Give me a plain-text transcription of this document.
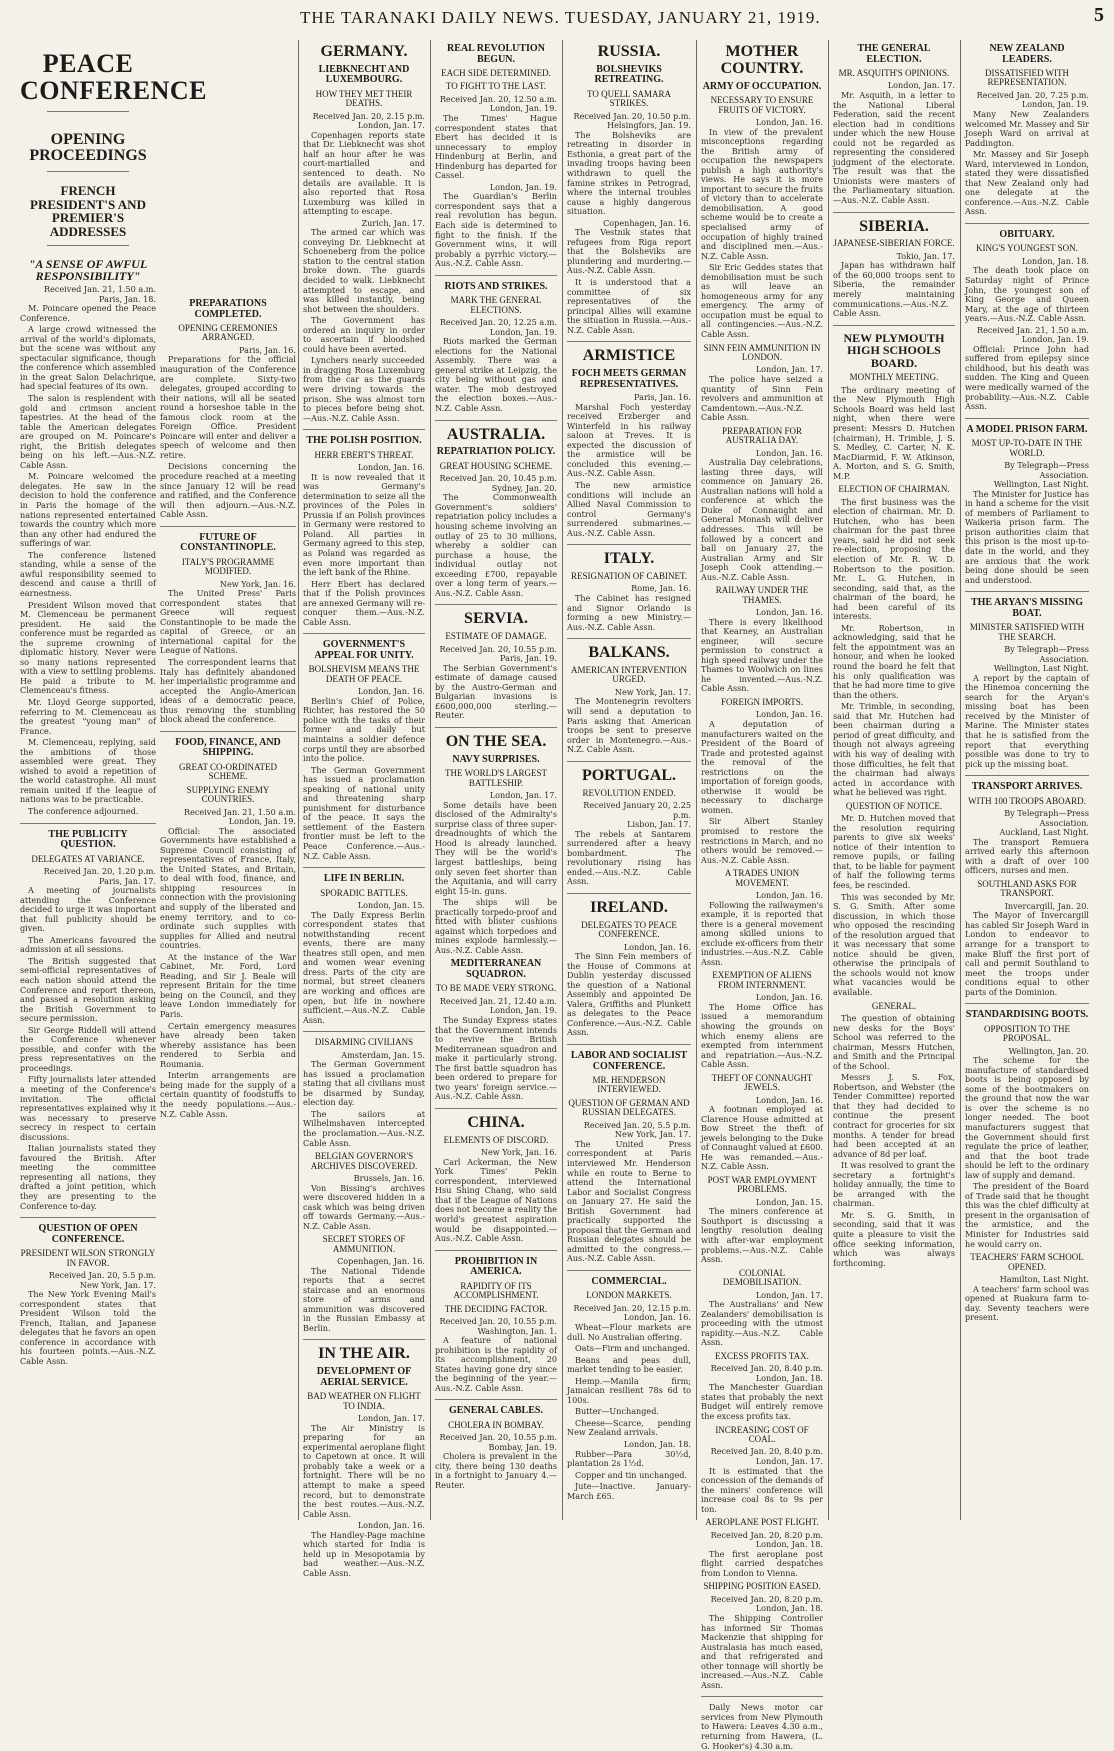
THE TARANAKI DAILY NEWS. TUESDAY, JANUARY 21, 1919.	5
PEACE CONFERENCE
OPENING PROCEEDINGS
FRENCH PRESIDENT'S AND PREMIER'S ADDRESSES
"A SENSE OF AWFUL RESPONSIBILITY"

Received Jan. 21, 1.50 a.m.

Paris, Jan. 18.

M. Poincare opened the Peace Conference.

A large crowd witnessed the arrival of the world's diplomats, but the scene was without any spectacular significance, though the conference which assembled in the great Salon Delachrique, had special features of its own.

The salon is resplendent with gold and crimson ancient tapestries. At the head of the table the American delegates are grouped on M. Poincare's right, the British delegates being on his left.—Aus.-N.Z. Cable Assn.

M. Poincare welcomed the delegates. He saw in the decision to hold the conference in Paris the homage of the nations represented entertained towards the country which more than any other had endured the sufferings of war.

The conference listened standing, while a sense of the awful responsibility seemed to descend and cause a thrill of earnestness.

President Wilson moved that M. Clemenceau be permanent president. He said the conference must be regarded as the supreme crowning of diplomatic history. Never were so many nations represented with a view to settling problems. He paid a tribute to M. Clemenceau's fitness.

Mr. Lloyd George supported, referring to M. Clemenceau as the greatest "young man" of France.

M. Clemenceau, replying, said the ambitions of those assembled were great. They wished to avoid a repetition of the world catastrophe. All must remain united if the league of nations was to be practicable.

The conference adjourned.

THE PUBLICITY QUESTION.
DELEGATES AT VARIANCE.

Received Jan. 20, 1.20 p.m.

Paris, Jan. 17.

A meeting of journalists attending the Conference decided to urge it was important that full publicity should be given.

The Americans favoured the admission at all sessions.

The British suggested that semi-official representatives of each nation should attend the Conference and report thereon, and passed a resolution asking the British Government to secure permission.

Sir George Riddell will attend the Conference whenever possible, and confer with the press representatives on the proceedings.

Fifty journalists later attended a meeting of the Conference's invitation. The official representatives explained why it was necessary to preserve secrecy in respect to certain discussions.

Italian journalists stated they favoured the British. After meeting the committee representing all nations, they drafted a joint petition, which they are presenting to the Conference to-day.

QUESTION OF OPEN CONFERENCE.
PRESIDENT WILSON STRONGLY IN FAVOR.

Received Jan. 20, 5.5 p.m.

New York, Jan. 17.

The New York Evening Mail's correspondent states that President Wilson told the French, Italian, and Japanese delegates that he favors an open conference in accordance with his fourteen points.—Aus.-N.Z. Cable Assn.

PREPARATIONS COMPLETED.
OPENING CEREMONIES ARRANGED.

Paris, Jan. 16.

Preparations for the official inauguration of the Conference are complete. Sixty-two delegates, grouped according to their nations, will all be seated round a horseshoe table in the famous clock room at the Foreign Office. President Poincare will enter and deliver a speech of welcome and then retire.

Decisions concerning the procedure reached at a meeting since January 12 will be read and ratified, and the Conference will then adjourn.—Aus.-N.Z. Cable Assn.

FUTURE OF CONSTANTINOPLE.
ITALY'S PROGRAMME MODIFIED.

New York, Jan. 16.

The United Press' Paris correspondent states that Greece will request Constantinople to be made the capital of Greece, or an international capital for the League of Nations.

The correspondent learns that Italy has definitely abandoned her imperialistic programme and accepted the Anglo-American ideas of a democratic peace, thus removing the stumbling block ahead the conference.

FOOD, FINANCE, AND SHIPPING.
GREAT CO-ORDINATED SCHEME.
SUPPLYING ENEMY COUNTRIES.

Received Jan. 21, 1.50 a.m.

London, Jan. 19.

Official: The associated Governments have established a Supreme Council consisting of representatives of France, Italy, the United States, and Britain, to deal with food, finance, and shipping resources in connection with the provisioning and supply of the liberated and enemy territory, and to co-ordinate such supplies with supplies for Allied and neutral countries.

At the instance of the War Cabinet, Mr. Ford, Lord Reading, and Sir J. Beale will represent Britain for the time being on the Council, and they leave London immediately for Paris.

Certain emergency measures have already been taken whereby assistance has been rendered to Serbia and Roumania.

Interim arrangements are being made for the supply of a certain quantity of foodstuffs to the needy populations.—Aus.-N.Z. Cable Assn.

GERMANY.
LIEBKNECHT AND LUXEMBOURG.
HOW THEY MET THEIR DEATHS.

Received Jan. 20, 2.15 p.m.

London, Jan. 17.

Copenhagen reports state that Dr. Liebknecht was shot half an hour after he was court-martialled and sentenced to death. No details are available. It is also reported that Rosa Luxemburg was killed in attempting to escape.

Zurich, Jan. 17.

The armed car which was conveying Dr. Liebknecht at Schoeneberg from the police station to the central station broke down. The guards decided to walk. Liebknecht attempted to escape, and was killed instantly, being shot between the shoulders.

The Government has ordered an inquiry in order to ascertain if bloodshed could have been averted.

Lynchers nearly succeeded in dragging Rosa Luxemburg from the car as the guards were driving towards the prison. She was almost torn to pieces before being shot.—Aus.-N.Z. Cable Assn.

THE POLISH POSITION.
HERR EBERT'S THREAT.

London, Jan. 16.

It is now revealed that it was Germany's determination to seize all the provinces of the Poles in Prussia if an Polish provinces in Germany were restored to Poland. All parties in Germany agreed to this step, as Poland was regarded as even more important than the left bank of the Rhine.

Herr Ebert has declared that if the Polish provinces are annexed Germany will re-conquer them.—Aus.-N.Z. Cable Assn.

GOVERNMENT'S APPEAL FOR UNITY.
BOLSHEVISM MEANS THE DEATH OF PEACE.

London, Jan. 16.

Berlin's Chief of Police, Richter, has restored the 50 police with the tasks of their former and daily but maintains a soldier defence corps until they are absorbed into the police.

The German Government has issued a proclamation speaking of national unity and threatening sharp punishment for disturbance of the peace. It says the settlement of the Eastern frontier must be left to the Peace Conference.—Aus.-N.Z. Cable Assn.

LIFE IN BERLIN.
SPORADIC BATTLES.

London, Jan. 15.

The Daily Express Berlin correspondent states that notwithstanding recent events, there are many theatres still open, and men and women wear evening dress. Parts of the city are normal, but street cleaners are working and offices are open, but life in nowhere sufficient.—Aus.-N.Z. Cable Assn.

DISARMING CIVILIANS

Amsterdam, Jan. 15.

The German Government has issued a proclamation stating that all civilians must be disarmed by Sunday, election day.

The sailors at Wilhelmshaven intercepted the proclamation.—Aus.-N.Z. Cable Assn.

BELGIAN GOVERNOR'S ARCHIVES DISCOVERED.

Brussels, Jan. 16.

Von Bissing's archives were discovered hidden in a cask which was being driven off towards Germany.—Aus.-N.Z. Cable Assn.

SECRET STORES OF AMMUNITION.

Copenhagen, Jan. 16.

The National Tidende reports that a secret staircase and an enormous store of arms and ammunition was discovered in the Russian Embassy at Berlin.

IN THE AIR.
DEVELOPMENT OF AERIAL SERVICE.
BAD WEATHER ON FLIGHT TO INDIA.

London, Jan. 17.

The Air Ministry is preparing for an experimental aeroplane flight to Capetown at once. It will probably take a week or a fortnight. There will be no attempt to make a speed record, but to demonstrate the best routes.—Aus.-N.Z. Cable Assn.

London, Jan. 16.

The Handley-Page machine which started for India is held up in Mesopotamia by bad weather.—Aus.-N.Z. Cable Assn.

REAL REVOLUTION BEGUN.
EACH SIDE DETERMINED.
TO FIGHT TO THE LAST.

Received Jan. 20, 12.50 a.m.

London, Jan. 19.

The Times' Hague correspondent states that Ebert has decided it is unnecessary to employ Hindenburg at Berlin, and Hindenburg has departed for Cassel.

London, Jan. 19.

The Guardian's Berlin correspondent says that a real revolution has begun. Each side is determined to fight to the finish. If the Government wins, it will probably a pyrrhic victory.—Aus.-N.Z. Cable Assn.

RIOTS AND STRIKES.
MARK THE GENERAL ELECTIONS.

Received Jan. 20, 12.25 a.m.

London, Jan. 19.

Riots marked the German elections for the National Assembly. There was a general strike at Leipzig, the city being without gas and water. The mob destroyed the election boxes.—Aus.-N.Z. Cable Assn.

AUSTRALIA.
REPATRIATION POLICY.
GREAT HOUSING SCHEME.

Received Jan. 20, 10.45 p.m.

Sydney, Jan. 20.

The Commonwealth Government's soldiers' repatriation policy includes a housing scheme involving an outlay of 25 to 30 millions, whereby a soldier can purchase a house, the individual outlay not exceeding £700, repayable over a long term of years.—Aus.-N.Z. Cable Assn.

SERVIA.
ESTIMATE OF DAMAGE.

Received Jan. 20, 10.55 p.m.

Paris, Jan. 19.

The Serbian Government's estimate of damage caused by the Austro-German and Bulgarian invasions is £600,000,000 sterling.—Reuter.

ON THE SEA.
NAVY SURPRISES.
THE WORLD'S LARGEST BATTLESHIP.

London, Jan. 17.

Some details have been disclosed of the Admiralty's surprise class of three super-dreadnoughts of which the Hood is already launched. They will be the world's largest battleships, being only seven feet shorter than the Aquitania, and will carry eight 15-in. guns.

The ships will be practically torpedo-proof and fitted with blister cushions against which torpedoes and mines explode harmlessly.—Aus.-N.Z. Cable Assn.

MEDITERRANEAN SQUADRON.
TO BE MADE VERY STRONG.

Received Jan. 21, 12.40 a.m.

London, Jan. 19.

The Sunday Express states that the Government intends to revive the British Mediterranean squadron and make it particularly strong. The first battle squadron has been ordered to prepare for two years' foreign service.—Aus.-N.Z. Cable Assn.

CHINA.
ELEMENTS OF DISCORD.

New York, Jan. 16.

Carl Ackerman, the New York Times' Pekin correspondent, interviewed Hsu Shing Chang, who said that if the League of Nations does not become a reality the world's greatest aspiration would be disappointed.—Aus.-N.Z. Cable Assn.

PROHIBITION IN AMERICA.
RAPIDITY OF ITS ACCOMPLISHMENT.
THE DECIDING FACTOR.

Received Jan. 20, 10.55 p.m.

Washington, Jan. 1.

A feature of national prohibition is the rapidity of its accomplishment, 20 States having gone dry since the beginning of the year.—Aus.-N.Z. Cable Assn.

GENERAL CABLES.
CHOLERA IN BOMBAY.

Received Jan. 20, 10.55 p.m.

Bombay, Jan. 19.

Cholera is prevalent in the city, there being 130 deaths in a fortnight to January 4.—Reuter.

RUSSIA.
BOLSHEVIKS RETREATING.
TO QUELL SAMARA STRIKES.

Received Jan. 20, 10.50 p.m.

Helsingfors, Jan. 19.

The Bolsheviks are retreating in disorder in Esthonia, a great part of the invading troops having been withdrawn to quell the famine strikes in Petrograd, where the internal troubles cause a highly dangerous situation.

Copenhagen, Jan. 16.

The Vestnik states that refugees from Riga report that the Bolsheviks are plundering and murdering.—Aus.-N.Z. Cable Assn.

It is understood that a committee of six representatives of the principal Allies will examine the situation in Russia.—Aus.-N.Z. Cable Assn.

ARMISTICE
FOCH MEETS GERMAN REPRESENTATIVES.

Paris, Jan. 16.

Marshal Foch yesterday received Erzberger and Winterfeld in his railway saloon at Treves. It is expected the discussion of the armistice will be concluded this evening.—Aus.-N.Z. Cable Assn.

The new armistice conditions will include an Allied Naval Commission to control Germany's surrendered submarines.—Aus.-N.Z. Cable Assn.

ITALY.
RESIGNATION OF CABINET.

Rome, Jan. 16.

The Cabinet has resigned and Signor Orlando is forming a new Ministry.—Aus.-N.Z. Cable Assn.

BALKANS.
AMERICAN INTERVENTION URGED.

New York, Jan. 17.

The Montenegrin revolters will send a deputation to Paris asking that American troops be sent to preserve order in Montenegro.—Aus.-N.Z. Cable Assn.

PORTUGAL.
REVOLUTION ENDED.

Received January 20, 2.25 p.m.

Lisbon, Jan. 17.

The rebels at Santarem surrendered after a heavy bombardment. The revolutionary rising has ended.—Aus.-N.Z. Cable Assn.

IRELAND.
DELEGATES TO PEACE CONFERENCE.

London, Jan. 16.

The Sinn Fein members of the House of Commons at Dublin yesterday discussed the question of a National Assembly and appointed De Valera, Griffiths and Plunkett as delegates to the Peace Conference.—Aus.-N.Z. Cable Assn.

LABOR AND SOCIALIST CONFERENCE.
MR. HENDERSON INTERVIEWED.
QUESTION OF GERMAN AND RUSSIAN DELEGATES.

Received Jan. 20, 5.5 p.m.

New York, Jan. 17.

The United Press correspondent at Paris interviewed Mr. Henderson while en route to Berne to attend the International Labor and Socialist Congress on January 27. He said the British Government had practically supported the proposal that the German and Russian delegates should be admitted to the congress.—Aus.-N.Z. Cable Assn.

COMMERCIAL.
LONDON MARKETS.

Received Jan. 20, 12.15 p.m.

London, Jan. 16.

Wheat—Flour markets are dull. No Australian offering.

Oats—Firm and unchanged.

Beans and peas dull, market tending to be easier.

Hemp.—Manila firm; Jamaican resilient 78s 6d to 100s.

Butter—Unchanged.

Cheese—Scarce, pending New Zealand arrivals.

London, Jan. 18.

Rubber—Para 30½d, plantation 2s 1½d.

Copper and tin unchanged.

Jute—Inactive. January-March £65.

MOTHER COUNTRY.
ARMY OF OCCUPATION.
NECESSARY TO ENSURE FRUITS OF VICTORY.

London, Jan. 16.

In view of the prevalent misconceptions regarding the British army of occupation the newspapers publish a high authority's views. He says it is more important to secure the fruits of victory than to accelerate demobilisation. A good scheme would be to create a specialised army of occupation of highly trained and disciplined men.—Aus.-N.Z. Cable Assn.

Sir Eric Geddes states that demobilisation must be such as will leave an homogeneous army for any emergency. The army of occupation must be equal to all contingencies.—Aus.-N.Z. Cable Assn.

SINN FEIN AMMUNITION IN LONDON.

London, Jan. 17.

The police have seized a quantity of Sinn Fein revolvers and ammunition at Camdentown.—Aus.-N.Z. Cable Assn.

PREPARATION FOR AUSTRALIA DAY.

London, Jan. 16.

Australia Day celebrations, lasting three days, will commence on January 26. Australian nations will hold a conference at which the Duke of Connaught and General Monash will deliver addresses. This will be followed by a concert and ball on January 27, the Australian Army and Sir Joseph Cook attending.—Aus.-N.Z. Cable Assn.

RAILWAY UNDER THE THAMES.

London, Jan. 16.

There is every likelihood that Kearney, an Australian engineer, will secure permission to construct a high speed railway under the Thames to Woolwich on lines he invented.—Aus.-N.Z. Cable Assn.

FOREIGN IMPORTS.

London, Jan. 16.

A deputation of manufacturers waited on the President of the Board of Trade and protested against the removal of the restrictions on the importation of foreign goods, otherwise it would be necessary to discharge women.

Sir Albert Stanley promised to restore the restrictions in March, and no others would be removed.—Aus.-N.Z. Cable Assn.

A TRADES UNION MOVEMENT.

London, Jan. 16.

Following the railwaymen's example, it is reported that there is a general movement among skilled unions to exclude ex-officers from their industries.—Aus.-N.Z. Cable Assn.

EXEMPTION OF ALIENS FROM INTERNMENT.

London, Jan. 16.

The Home Office has issued a memorandum showing the grounds on which enemy aliens are exempted from internment and repatriation.—Aus.-N.Z. Cable Assn.

THEFT OF CONNAUGHT JEWELS.

London, Jan. 16.

A footman employed at Clarence House admitted at Bow Street the theft of jewels belonging to the Duke of Connaught valued at £600. He was remanded.—Aus.-N.Z. Cable Assn.

POST WAR EMPLOYMENT PROBLEMS.

London, Jan. 15.

The miners conference at Southport is discussing a lengthy resolution dealing with after-war employment problems.—Aus.-N.Z. Cable Assn.

COLONIAL DEMOBILISATION.

London, Jan. 17.

The Australians' and New Zealanders' demobilisation is proceeding with the utmost rapidity.—Aus.-N.Z. Cable Assn.

EXCESS PROFITS TAX.

Received Jan. 20, 8.40 p.m.

London, Jan. 18.

The Manchester Guardian states that probably the next Budget will entirely remove the excess profits tax.

INCREASING COST OF COAL.

Received Jan. 20, 8.40 p.m.

London, Jan. 17.

It is estimated that the concession of the demands of the miners' conference will increase coal 8s to 9s per ton.

AEROPLANE POST FLIGHT.

Received Jan. 20, 8.20 p.m.

London, Jan. 18.

The first aeroplane post flight carried despatches from London to Vienna.

SHIPPING POSITION EASED.

Received Jan. 20, 8.20 p.m.

London, Jan. 18.

The Shipping Controller has informed Sir Thomas Mackenzie that shipping for Australasia has much eased, and that refrigerated and other tonnage will shortly be increased.—Aus.-N.Z. Cable Assn.

Daily News motor car services from New Plymouth to Hawera: Leaves 4.30 a.m., returning from Hawera, (L. G. Hooker's) 4.30 a.m.

THE GENERAL ELECTION.
MR. ASQUITH'S OPINIONS.

London, Jan. 17.

Mr. Asquith, in a letter to the National Liberal Federation, said the recent election had in conditions under which the new House could not be regarded as representing the considered judgment of the electorate. The result was that the Unionists were masters of the Parliamentary situation.—Aus.-N.Z. Cable Assn.

SIBERIA.
JAPANESE-SIBERIAN FORCE.

Tokio, Jan. 17.

Japan has withdrawn half of the 60,000 troops sent to Siberia, the remainder merely maintaining communications.—Aus.-N.Z. Cable Assn.

NEW PLYMOUTH HIGH SCHOOLS BOARD.
MONTHLY MEETING.

The ordinary meeting of the New Plymouth High Schools Board was held last night, when there were present: Messrs D. Hutchen (chairman), H. Trimble, J. S. S. Medley, C. Carter, N. K. MacDiarmid, F. W. Atkinson, A. Morton, and S. G. Smith, M.P.

ELECTION OF CHAIRMAN.

The first business was the election of chairman. Mr. D. Hutchen, who has been chairman for the past three years, said he did not seek re-election, proposing the election of Mr. R. W. D. Robertson to the position. Mr. L. G. Hutchen, in seconding, said that, as the chairman of the board, he had been careful of its interests.

Mr. Robertson, in acknowledging, said that he felt the appointment was an honour, and when he looked round the board he felt that his only qualification was that he had more time to give than the others.

Mr. Trimble, in seconding, said that Mr. Hutchen had been chairman during a period of great difficulty, and though not always agreeing with his way of dealing with those difficulties, he felt that the chairman had always acted in accordance with what he believed was right.

QUESTION OF NOTICE.

Mr. D. Hutchen moved that the resolution requiring parents to give six weeks' notice of their intention to remove pupils, or failing that, to be liable for payment of half the following terms fees, be rescinded.

This was seconded by Mr. S. G. Smith. After some discussion, in which those who opposed the rescinding of the resolution argued that it was necessary that some notice should be given, otherwise the principals of the schools would not know what vacancies would be available.

GENERAL.

The question of obtaining new desks for the Boys' School was referred to the chairman, Messrs Hutchen, and Smith and the Principal of the School.

Messrs J. S. Fox, Robertson, and Webster (the Tender Committee) reported that they had decided to continue the present contract for groceries for six months. A tender for bread had been accepted at an advance of 8d per loaf.

It was resolved to grant the secretary a fortnight's holiday annually, the time to be arranged with the chairman.

Mr. S. G. Smith, in seconding, said that it was quite a pleasure to visit the office seeking information, which was always forthcoming.

NEW ZEALAND LEADERS.
DISSATISFIED WITH REPRESENTATION.

Received Jan. 20, 7.25 p.m.

London, Jan. 19.

Many New Zealanders welcomed Mr. Massey and Sir Joseph Ward on arrival at Paddington.

Mr. Massey and Sir Joseph Ward, interviewed in London, stated they were dissatisfied that New Zealand only had one delegate at the conference.—Aus.-N.Z. Cable Assn.

OBITUARY.
KING'S YOUNGEST SON.

London, Jan. 18.

The death took place on Saturday night of Prince John, the youngest son of King George and Queen Mary, at the age of thirteen years.—Aus.-N.Z. Cable Assn.

Received Jan. 21, 1.50 a.m.

London, Jan. 19.

Official: Prince John had suffered from epilepsy since childhood, but his death was sudden. The King and Queen were medically warned of the probability.—Aus.-N.Z. Cable Assn.

A MODEL PRISON FARM.
MOST UP-TO-DATE IN THE WORLD.

By Telegraph—Press Association.

Wellington, Last Night.

The Minister for Justice has in hand a scheme for the visit of members of Parliament to Waikeria prison farm. The prison authorities claim that this prison is the most up-to-date in the world, and they are anxious that the work being done should be seen and understood.

THE ARYAN'S MISSING BOAT.
MINISTER SATISFIED WITH THE SEARCH.

By Telegraph—Press Association.

Wellington, Last Night.

A report by the captain of the Hinemoa concerning the search for the Aryan's missing boat has been received by the Minister of Marine. The Minister states that he is satisfied from the report that everything possible was done to try to pick up the missing boat.

TRANSPORT ARRIVES.
WITH 100 TROOPS ABOARD.

By Telegraph—Press Association.

Auckland, Last Night.

The transport Remuera arrived early this afternoon with a draft of over 100 officers, nurses and men.

SOUTHLAND ASKS FOR TRANSPORT.

Invercargill, Jan. 20.

The Mayor of Invercargill has cabled Sir Joseph Ward in London to endeavor to arrange for a transport to make Bluff the first port of call and permit Southland to meet the troops under conditions equal to other parts of the Dominion.

STANDARDISING BOOTS.
OPPOSITION TO THE PROPOSAL.

Wellington, Jan. 20.

The scheme for the manufacture of standardised boots is being opposed by some of the bootmakers on the ground that now the war is over the scheme is no longer needed. The boot manufacturers suggest that the Government should first regulate the price of leather, and that the boot trade should be left to the ordinary law of supply and demand.

The president of the Board of Trade said that he thought this was the chief difficulty at present in the organisation of the armistice, and the Minister for Industries said he would carry on.

TEACHERS' FARM SCHOOL OPENED.

Hamilton, Last Night.

A teachers' farm school was opened at Ruakura farm to-day. Seventy teachers were present.
